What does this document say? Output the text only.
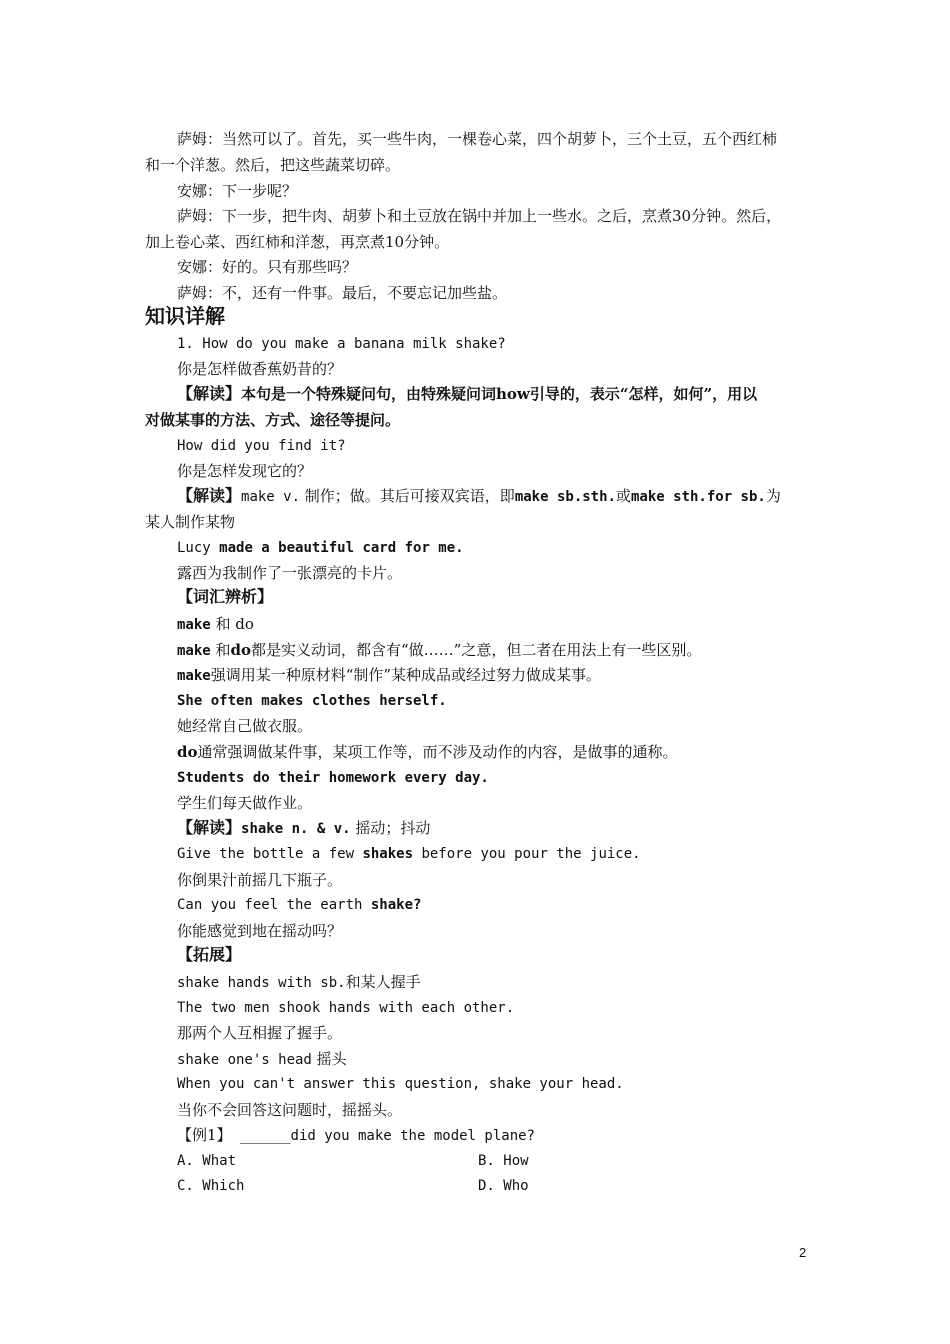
萨姆：当然可以了。首先，买一些牛肉，一棵卷心菜，四个胡萝卜，三个土豆，五个西红柿
和一个洋葱。然后，把这些蔬菜切碎。
安娜：下一步呢？
萨姆：下一步，把牛肉、胡萝卜和土豆放在锅中并加上一些水。之后，烹煮30分钟。然后，
加上卷心菜、西红柿和洋葱，再烹煮10分钟。
安娜：好的。只有那些吗？
萨姆：不，还有一件事。最后，不要忘记加些盐。
知识详解
1. How do you make a banana milk shake?
你是怎样做香蕉奶昔的？
【解读】本句是一个特殊疑问句，由特殊疑问词how引导的，表示“怎样，如何”，用以
对做某事的方法、方式、途径等提问。
How did you find it?
你是怎样发现它的？
【解读】make v. 制作；做。其后可接双宾语，即make sb.sth.或make sth.for sb.为
某人制作某物
Lucy made a beautiful card for me.
露西为我制作了一张漂亮的卡片。
【词汇辨析】
make 和 do
make 和do都是实义动词，都含有“做……”之意，但二者在用法上有一些区别。
make强调用某一种原材料“制作”某种成品或经过努力做成某事。
She often makes clothes herself.
她经常自己做衣服。
do通常强调做某件事，某项工作等，而不涉及动作的内容，是做事的通称。
Students do their homework every day.
学生们每天做作业。
【解读】shake n. & v. 摇动；抖动
Give the bottle a few shakes before you pour the juice.
你倒果汁前摇几下瓶子。
Can you feel the earth shake?
你能感觉到地在摇动吗？
【拓展】
shake hands with sb.和某人握手
The two men shook hands with each other.
那两个人互相握了握手。
shake one's head 摇头
When you can't answer this question, shake your head.
当你不会回答这问题时，摇摇头。
【例1】 ______did you make the model plane?
A. What	B. How
C. Which	D. Who
2
